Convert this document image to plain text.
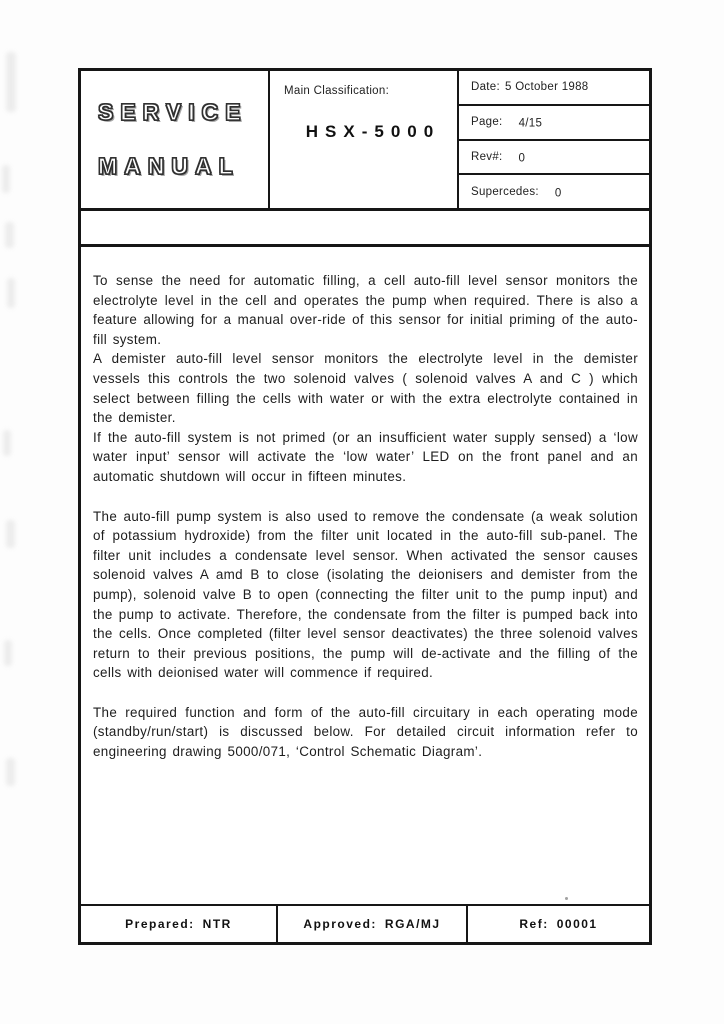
SERVICE
MANUAL
Main Classification:
HSX-5000
Date: 5 October 1988
Page: 4/15
Rev#: 0
Supercedes: 0

To sense the need for automatic filling, a cell auto-fill level sensor monitors the electrolyte level in the cell and operates the pump when required. There is also a feature allowing for a manual over-ride of this sensor for initial priming of the auto-fill system.

A demister auto-fill level sensor monitors the electrolyte level in the demister vessels this controls the two solenoid valves ( solenoid valves A and C ) which select between filling the cells with water or with the extra electrolyte contained in the demister.

If the auto-fill system is not primed (or an insufficient water supply sensed) a ‘low water input’ sensor will activate the ‘low water’ LED on the front panel and an automatic shutdown will occur in fifteen minutes.

The auto-fill pump system is also used to remove the condensate (a weak solution of potassium hydroxide) from the filter unit located in the auto-fill sub-panel. The filter unit includes a condensate level sensor. When activated the sensor causes solenoid valves A amd B to close (isolating the deionisers and demister from the pump), solenoid valve B to open (connecting the filter unit to the pump input) and the pump to activate. Therefore, the condensate from the filter is pumped back into the cells. Once completed (filter level sensor deactivates) the three solenoid valves return to their previous positions, the pump will de-activate and the filling of the cells with deionised water will commence if required.

The required function and form of the auto-fill circuitary in each operating mode (standby/run/start) is discussed below. For detailed circuit information refer to engineering drawing 5000/071, ‘Control Schematic Diagram’.

Prepared: NTR	Approved: RGA/MJ	Ref: 00001
